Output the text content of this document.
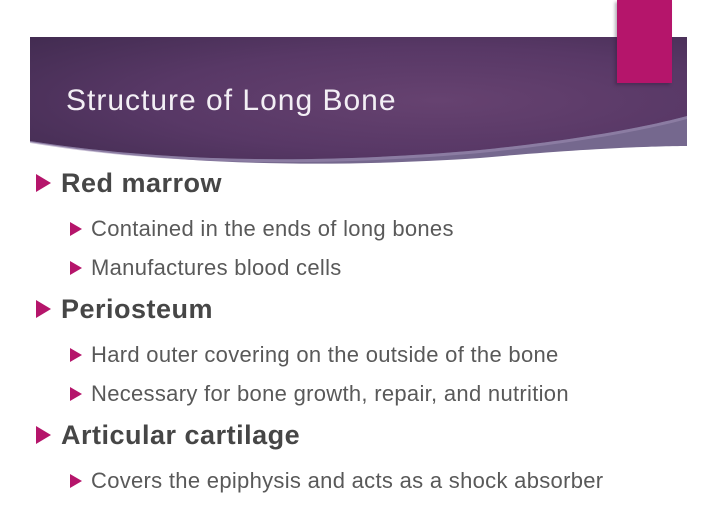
Structure of Long Bone
Red marrow
Contained in the ends of long bones
Manufactures blood cells
Periosteum
Hard outer covering on the outside of the bone
Necessary for bone growth, repair, and nutrition
Articular cartilage
Covers the epiphysis and acts as a shock absorber
